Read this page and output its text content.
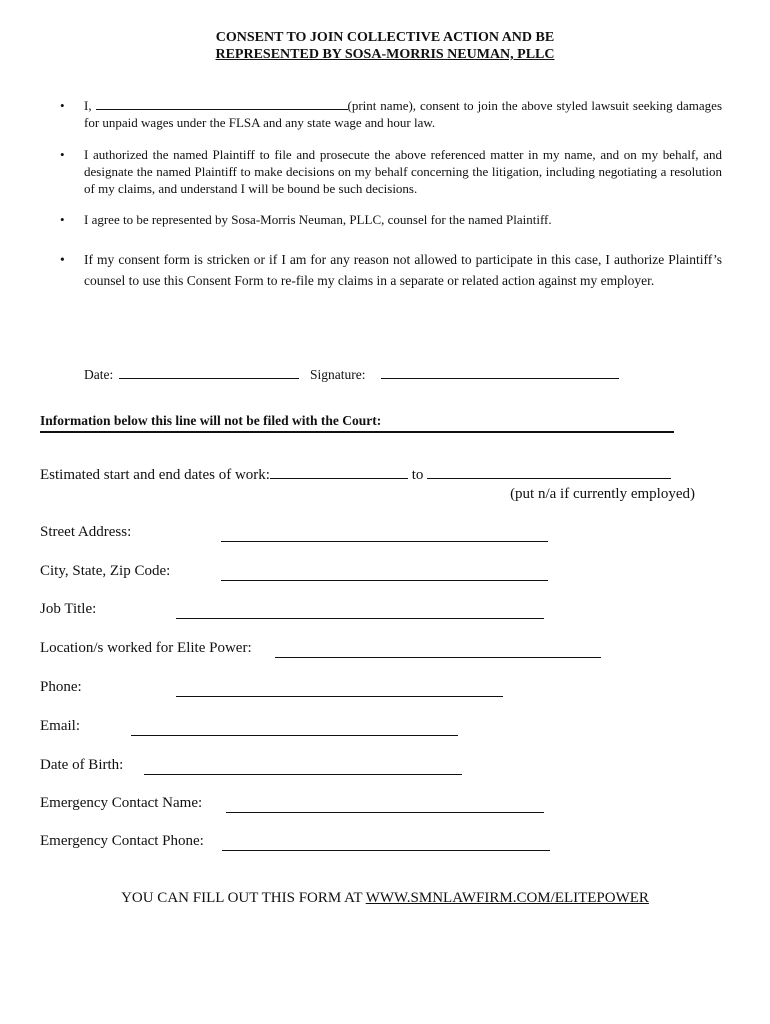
CONSENT TO JOIN COLLECTIVE ACTION AND BE
REPRESENTED BY SOSA-MORRIS NEUMAN, PLLC
• I,	(print name), consent to join the above styled lawsuit seeking damages for unpaid wages under the FLSA and any state wage and hour law.
• I authorized the named Plaintiff to file and prosecute the above referenced matter in my name, and on my behalf, and designate the named Plaintiff to make decisions on my behalf concerning the litigation, including negotiating a resolution of my claims, and understand I will be bound be such decisions.
• I agree to be represented by Sosa-Morris Neuman, PLLC, counsel for the named Plaintiff.
• If my consent form is stricken or if I am for any reason not allowed to participate in this case, I authorize Plaintiff’s counsel to use this Consent Form to re-file my claims in a separate or related action against my employer.
Date:	Signature:
Information below this line will not be filed with the Court:
Estimated start and end dates of work:	to
(put n/a if currently employed)
Street Address:
City, State, Zip Code:
Job Title:
Location/s worked for Elite Power:
Phone:
Email:
Date of Birth:
Emergency Contact Name:
Emergency Contact Phone:
YOU CAN FILL OUT THIS FORM AT WWW.SMNLAWFIRM.COM/ELITEPOWER
